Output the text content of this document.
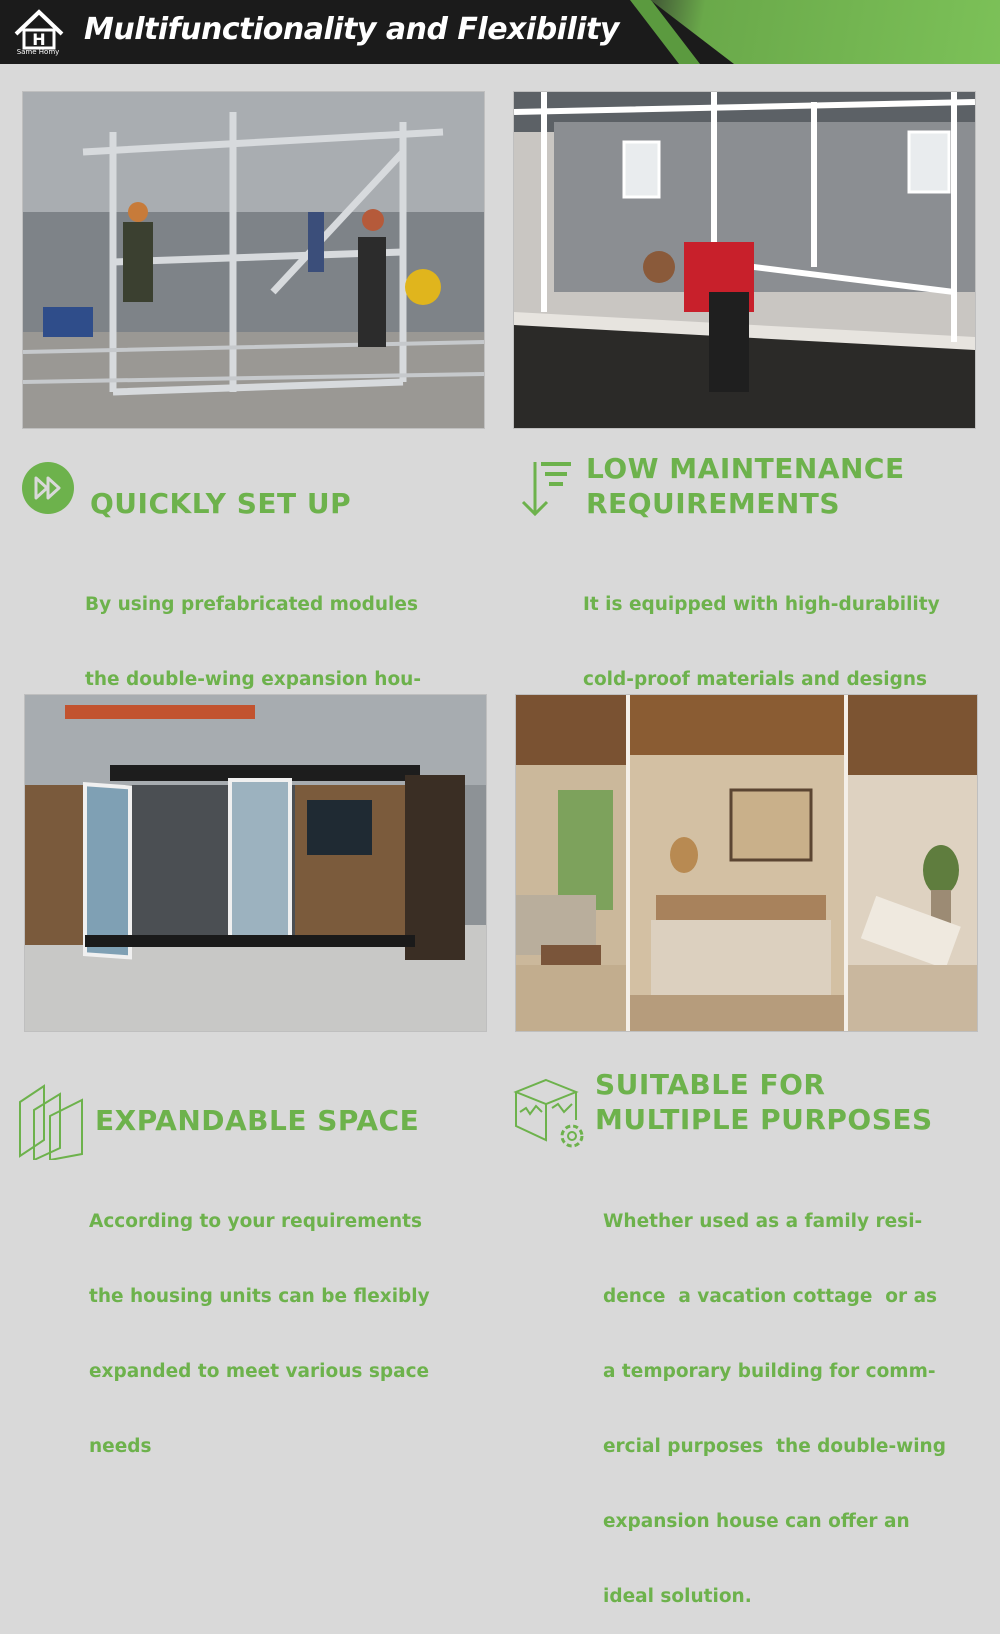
H
Same Homy
Multifunctionality and Flexibility
QUICKLY SET UP

By using prefabricated modules

the double-wing expansion hou-

LOW MAINTENANCE
REQUIREMENTS

It is equipped with high-durability

cold-proof materials and designs

EXPANDABLE SPACE

According to your requirements

the housing units can be flexibly

expanded to meet various space

needs

SUITABLE FOR
MULTIPLE PURPOSES

Whether used as a family resi-

dence  a vacation cottage  or as

a temporary building for comm-

ercial purposes  the double-wing

expansion house can offer an

ideal solution.
